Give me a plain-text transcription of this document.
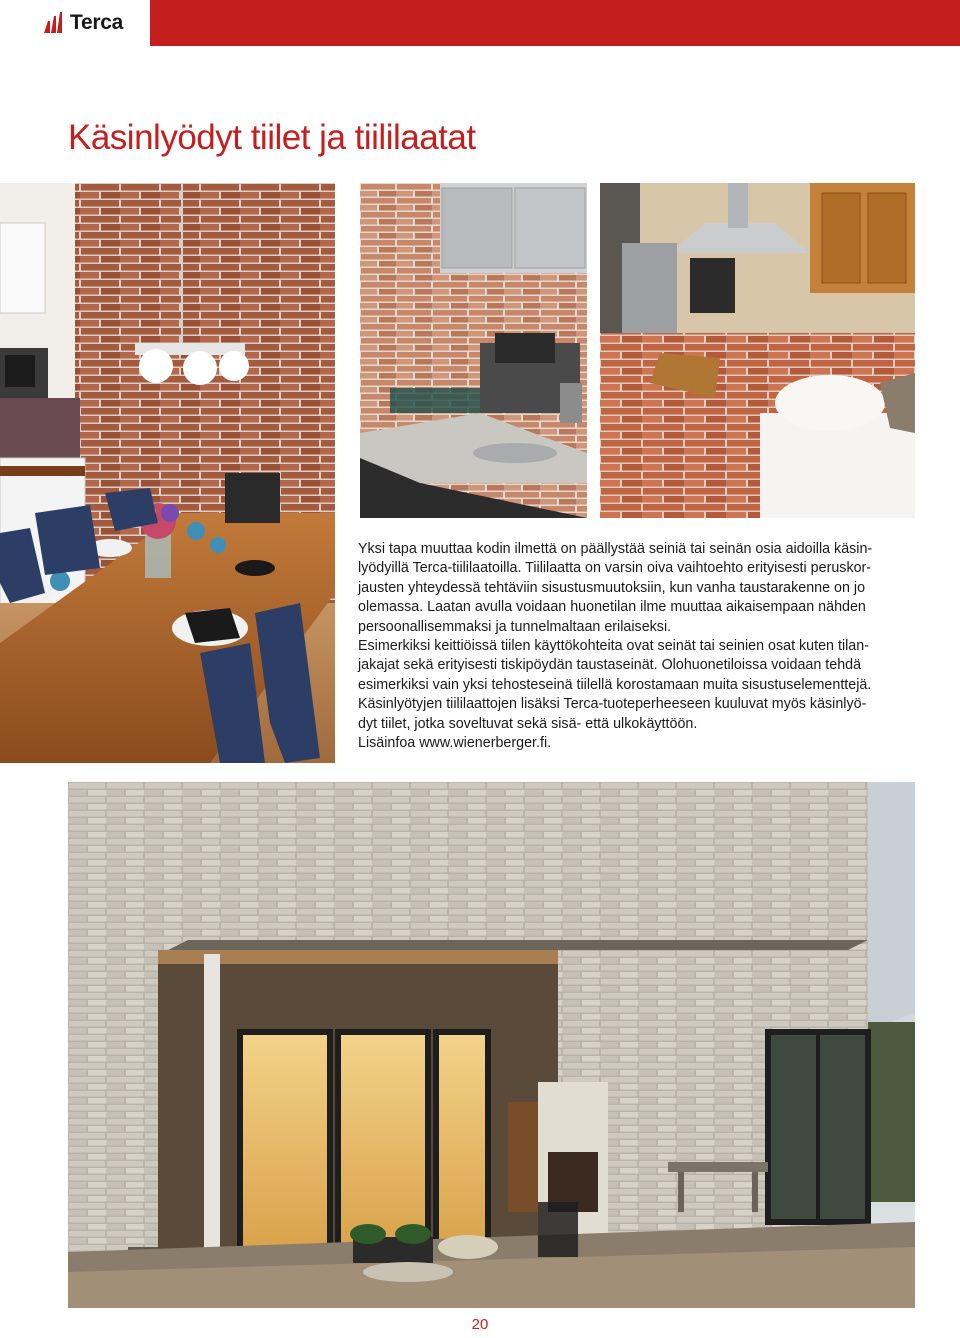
Terca
Käsinlyödyt tiilet ja tiililaatat

Yksi tapa muuttaa kodin ilmettä on päällystää seiniä tai seinän osia aidoilla käsin-

lyödyillä Terca-tiililaatoilla. Tiililaatta on varsin oiva vaihtoehto erityisesti peruskor-

jausten yhteydessä tehtäviin sisustusmuutoksiin, kun vanha taustarakenne on jo

olemassa. Laatan avulla voidaan huonetilan ilme muuttaa aikaisempaan nähden

persoonallisemmaksi ja tunnelmaltaan erilaiseksi.

Esimerkiksi keittiöissä tiilen käyttökohteita ovat seinät tai seinien osat kuten tilan-

jakajat sekä erityisesti tiskipöydän taustaseinät. Olohuonetiloissa voidaan tehdä

esimerkiksi vain yksi tehosteseinä tiilellä korostamaan muita sisustuselementtejä.

Käsinlyötyjen tiililaattojen lisäksi Terca-tuoteperheeseen kuuluvat myös käsinlyö-

dyt tiilet, jotka soveltuvat sekä sisä- että ulkokäyttöön.

Lisäinfoa www.wienerberger.fi.

20
